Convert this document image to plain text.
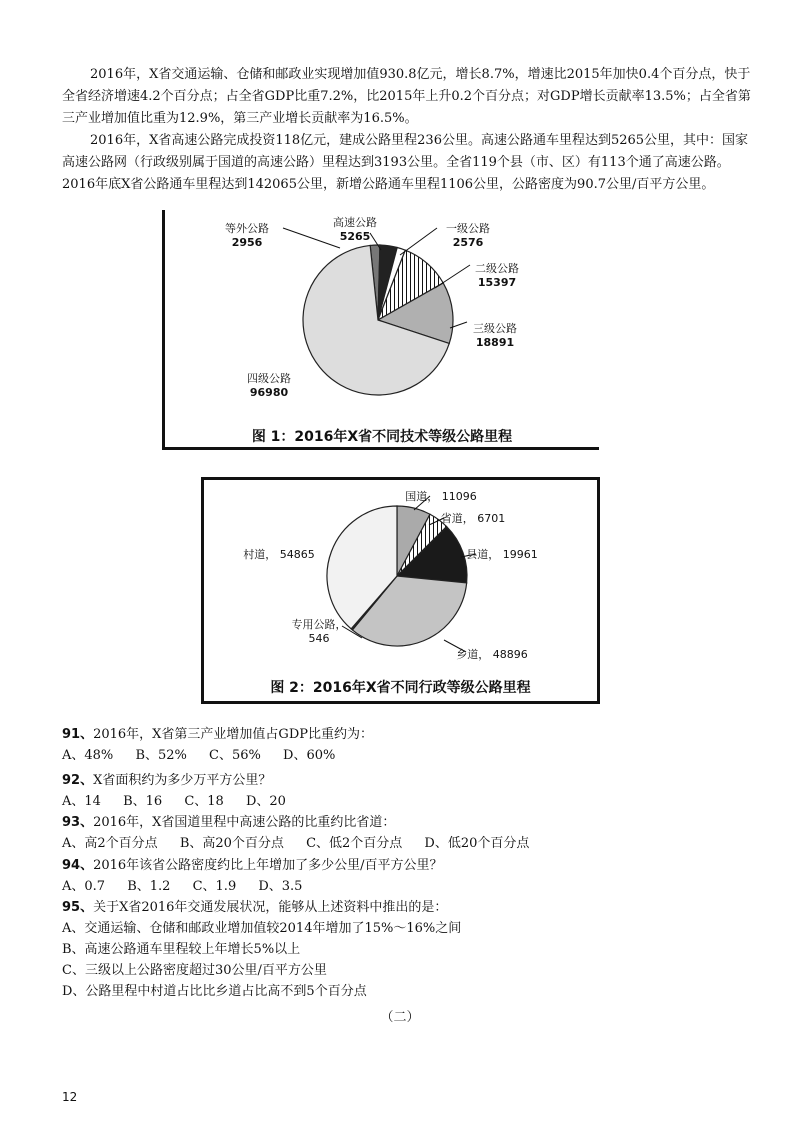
2016年，X省交通运输、仓储和邮政业实现增加值930.8亿元，增长8.7%，增速比2015年加快0.4个百分点，快于全省经济增速4.2个百分点；占全省GDP比重7.2%，比2015年上升0.2个百分点；对GDP增长贡献率13.5%；占全省第三产业增加值比重为12.9%，第三产业增长贡献率为16.5%。

2016年，X省高速公路完成投资118亿元，建成公路里程236公里。高速公路通车里程达到5265公里，其中：国家高速公路网（行政级别属于国道的高速公路）里程达到3193公里。全省119个县（市、区）有113个通了高速公路。2016年底X省公路通车里程达到142065公里，新增公路通车里程1106公里，公路密度为90.7公里/百平方公里。

等外公路 2956
高速公路 5265
一级公路 2576
二级公路 15397
三级公路 18891
四级公路 96980
图 1：2016年X省不同技术等级公路里程
国道， 11096
省道， 6701
县道， 19961
乡道， 48896
专用公路， 546
村道， 54865
图 2：2016年X省不同行政等级公路里程
91、2016年，X省第三产业增加值占GDP比重约为：
A、48% B、52% C、56% D、60%
92、X省面积约为多少万平方公里？
A、14 B、16 C、18 D、20
93、2016年，X省国道里程中高速公路的比重约比省道：
A、高2个百分点 B、高20个百分点 C、低2个百分点 D、低20个百分点
94、2016年该省公路密度约比上年增加了多少公里/百平方公里？
A、0.7 B、1.2 C、1.9 D、3.5
95、关于X省2016年交通发展状况，能够从上述资料中推出的是：
A、交通运输、仓储和邮政业增加值较2014年增加了15%～16%之间
B、高速公路通车里程较上年增长5%以上
C、三级以上公路密度超过30公里/百平方公里
D、公路里程中村道占比比乡道占比高不到5个百分点
（二）
12
